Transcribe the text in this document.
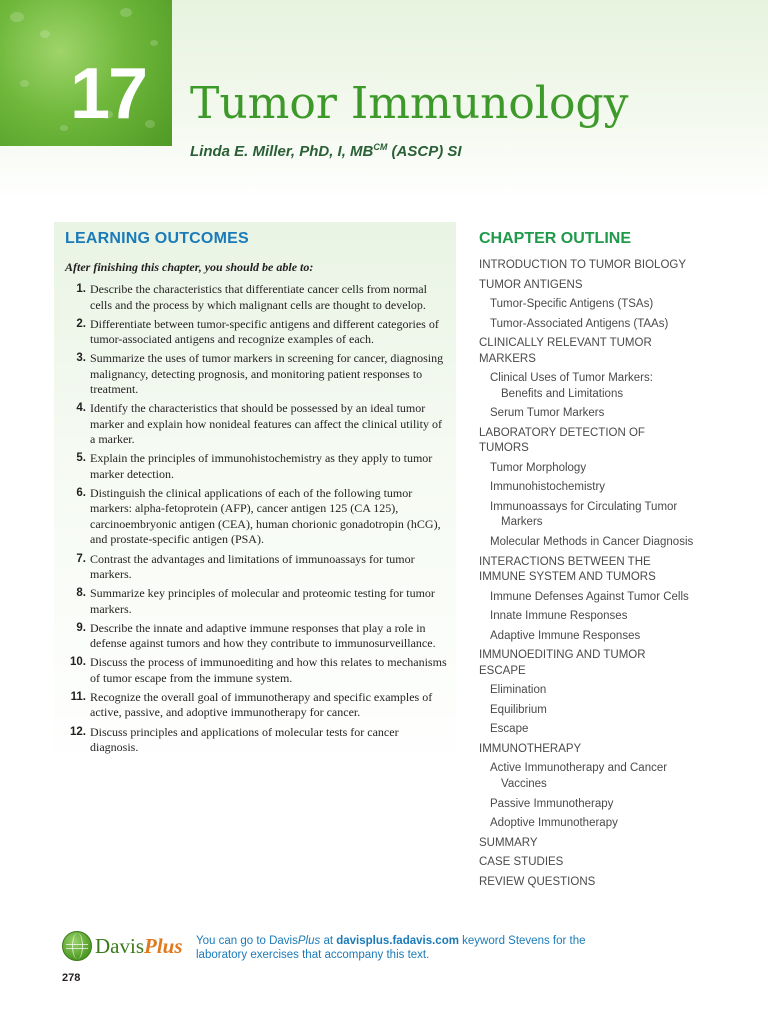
17 Tumor Immunology
Linda E. Miller, PhD, I, $MB^{CM}$ (ASCP) SI
LEARNING OUTCOMES
After finishing this chapter, you should be able to:
1. Describe the characteristics that differentiate cancer cells from normal cells and the process by which malignant cells are thought to develop.
2. Differentiate between tumor-specific antigens and different categories of tumor-associated antigens and recognize examples of each.
3. Summarize the uses of tumor markers in screening for cancer, diagnosing malignancy, detecting prognosis, and monitoring patient responses to treatment.
4. Identify the characteristics that should be possessed by an ideal tumor marker and explain how nonideal features can affect the clinical utility of a marker.
5. Explain the principles of immunohistochemistry as they apply to tumor marker detection.
6. Distinguish the clinical applications of each of the following tumor markers: alpha-fetoprotein (AFP), cancer antigen 125 (CA 125), carcinoembryonic antigen (CEA), human chorionic gonadotropin (hCG), and prostate-specific antigen (PSA).
7. Contrast the advantages and limitations of immunoassays for tumor markers.
8. Summarize key principles of molecular and proteomic testing for tumor markers.
9. Describe the innate and adaptive immune responses that play a role in defense against tumors and how they contribute to immunosurveillance.
10. Discuss the process of immunoediting and how this relates to mechanisms of tumor escape from the immune system.
11. Recognize the overall goal of immunotherapy and specific examples of active, passive, and adoptive immunotherapy for cancer.
12. Discuss principles and applications of molecular tests for cancer diagnosis.
CHAPTER OUTLINE
INTRODUCTION TO TUMOR BIOLOGY
TUMOR ANTIGENS
Tumor-Specific Antigens (TSAs)
Tumor-Associated Antigens (TAAs)
CLINICALLY RELEVANT TUMOR MARKERS
Clinical Uses of Tumor Markers: Benefits and Limitations
Serum Tumor Markers
LABORATORY DETECTION OF TUMORS
Tumor Morphology
Immunohistochemistry
Immunoassays for Circulating Tumor Markers
Molecular Methods in Cancer Diagnosis
INTERACTIONS BETWEEN THE IMMUNE SYSTEM AND TUMORS
Immune Defenses Against Tumor Cells
Innate Immune Responses
Adaptive Immune Responses
IMMUNOEDITING AND TUMOR ESCAPE
Elimination
Equilibrium
Escape
IMMUNOTHERAPY
Active Immunotherapy and Cancer Vaccines
Passive Immunotherapy
Adoptive Immunotherapy
SUMMARY
CASE STUDIES
REVIEW QUESTIONS
DavisPlus You can go to DavisPlus at davisplus.fadavis.com keyword Stevens for the laboratory exercises that accompany this text.
278
